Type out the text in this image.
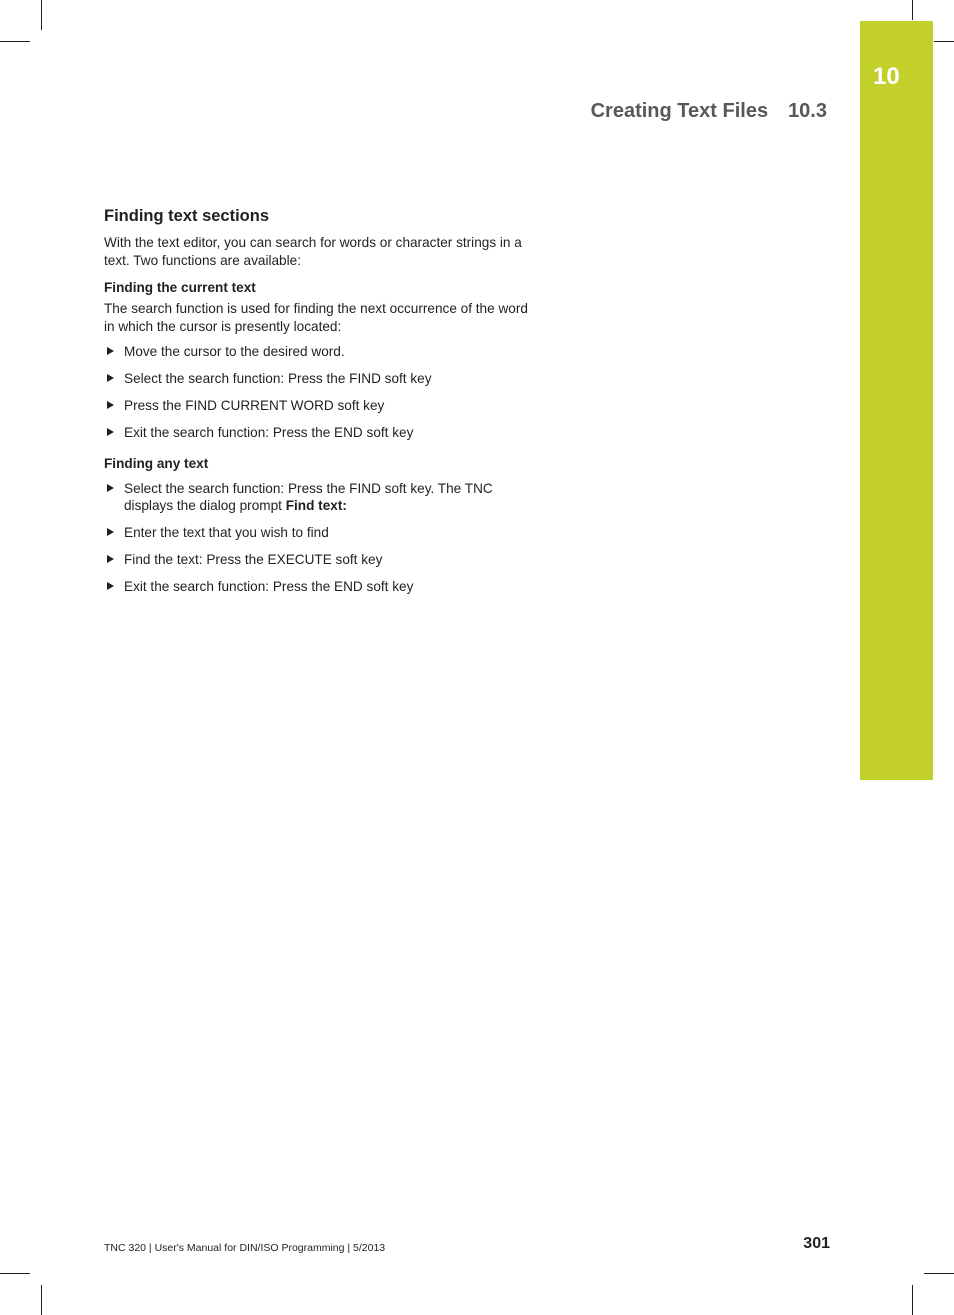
10
Creating Text Files 10.3
Finding text sections

With the text editor, you can search for words or character strings in a text. Two functions are available:

Finding the current text

The search function is used for finding the next occurrence of the word in which the cursor is presently located:

Move the cursor to the desired word.
Select the search function: Press the FIND soft key
Press the FIND CURRENT WORD soft key
Exit the search function: Press the END soft key
Finding any text
Select the search function: Press the FIND soft key. The TNC displays the dialog prompt Find text:
Enter the text that you wish to find
Find the text: Press the EXECUTE soft key
Exit the search function: Press the END soft key
TNC 320 | User's Manual for DIN/ISO Programming | 5/2013	301
